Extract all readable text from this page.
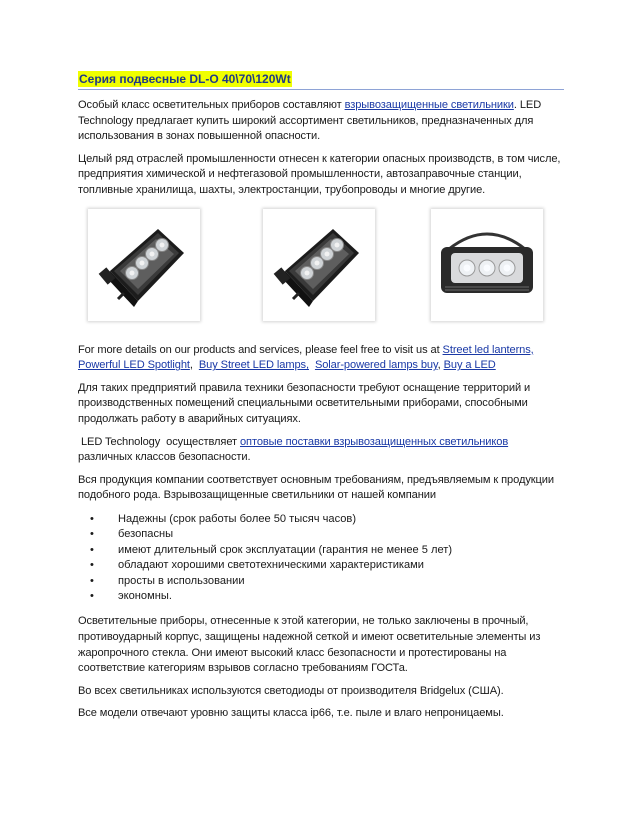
Серия подвесные DL-O 40\70\120Wt

Особый класс осветительных приборов составляют взрывозащищенные светильники. LED Technology предлагает купить широкий ассортимент светильников, предназначенных для использования в зонах повышенной опасности.

Целый ряд отраслей промышленности отнесен к категории опасных производств, в том числе, предприятия химической и нефтегазовой промышленности, автозаправочные станции, топливные хранилища, шахты, электростанции, трубопроводы и многие другие.

For more details on our products and services, please feel free to visit us at Street led lanterns, Powerful LED Spotlight,  Buy Street LED lamps, Solar-powered lamps buy, Buy a LED

Для таких предприятий правила техники безопасности требуют оснащение территорий и производственных помещений специальными осветительными приборами, способными продолжать работу в аварийных ситуациях.

LED Technology  осуществляет оптовые поставки взрывозащищенных светильников различных классов безопасности.

Вся продукция компании соответствует основным требованиям, предъявляемым к продукции подобного рода. Взрывозащищенные светильники от нашей компании

• Надежны (срок работы более 50 тысяч часов)
• безопасны
• имеют длительный срок эксплуатации (гарантия не менее 5 лет)
• обладают хорошими светотехническими характеристиками
• просты в использовании
• экономны.

Осветительные приборы, отнесенные к этой категории, не только заключены в прочный, противоударный корпус, защищены надежной сеткой и имеют осветительные элементы из жаропрочного стекла. Они имеют высокий класс безопасности и протестированы на соответствие категориям взрывов согласно требованиям ГОСТа.

Во всех светильниках используются светодиоды от производителя Bridgelux (США).

Все модели отвечают уровню защиты класса ip66, т.е. пыле и влаго непроницаемы.
